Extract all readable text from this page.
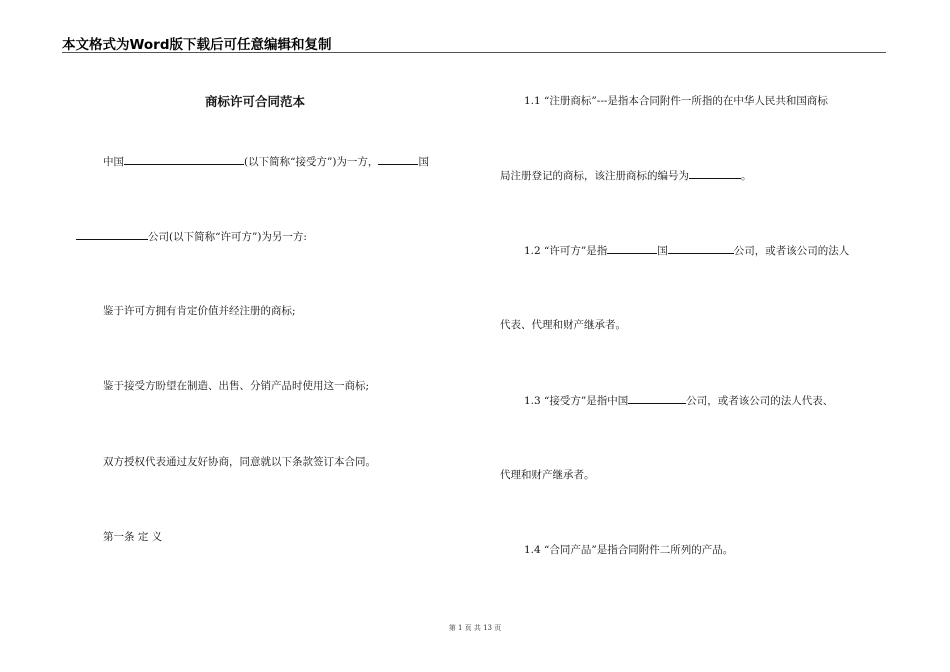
本文格式为Word版下载后可任意编辑和复制
商标许可合同范本
中国	(以下简称“接受方”)为一方，	国
公司(以下简称“许可方”)为另一方:
鉴于许可方拥有肯定价值并经注册的商标;
鉴于接受方盼望在制造、出售、分销产品时使用这一商标;
双方授权代表通过友好协商，同意就以下条款签订本合同。
第一条 定 义
1.1 “注册商标”---是指本合同附件一所指的在中华人民共和国商标
局注册登记的商标，该注册商标的编号为	。
1.2 “许可方”是指	国	公司，或者该公司的法人
代表、代理和财产继承者。
1.3 “接受方”是指中国	公司，或者该公司的法人代表、
代理和财产继承者。
1.4 “合同产品”是指合同附件二所列的产品。
第 1 页 共 13 页
